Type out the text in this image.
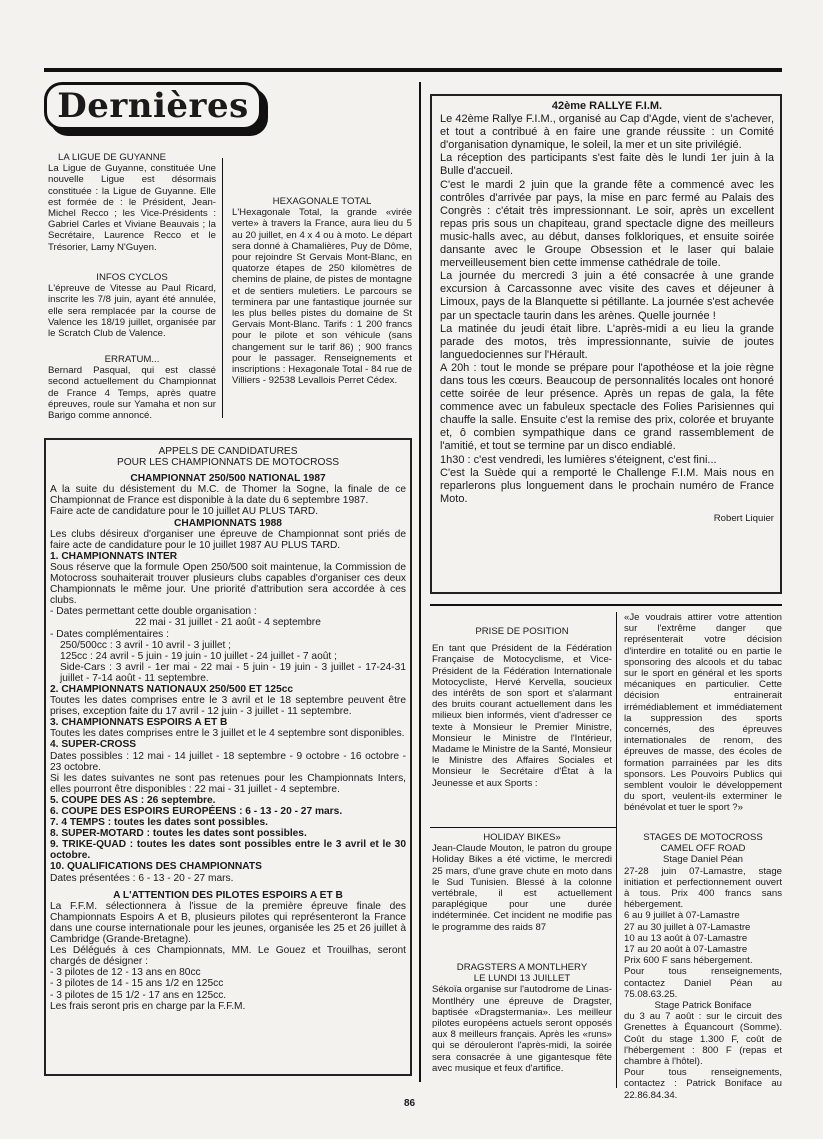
Dernières

LA LIGUE DE GUYANNE

La Ligue de Guyanne, constituée Une nouvelle Ligue est désormais constituée : la Ligue de Guyanne. Elle est formée de : le Président, Jean-Michel Recco ; les Vice-Présidents : Gabriel Carles et Viviane Beauvais ; la Secrétaire, Laurence Recco et le Trésorier, Lamy N'Guyen.

INFOS CYCLOS

L'épreuve de Vitesse au Paul Ricard, inscrite les 7/8 juin, ayant été annulée, elle sera remplacée par la course de Valence les 18/19 juillet, organisée par le Scratch Club de Valence.

ERRATUM...

Bernard Pasqual, qui est classé second actuellement du Championnat de France 4 Temps, après quatre épreuves, roule sur Yamaha et non sur Barigo comme annoncé.

HEXAGONALE TOTAL

L'Hexagonale Total, la grande «virée verte» à travers la France, aura lieu du 5 au 20 juillet, en 4 x 4 ou à moto. Le départ sera donné à Chamalières, Puy de Dôme, pour rejoindre St Gervais Mont-Blanc, en quatorze étapes de 250 kilomètres de chemins de plaine, de pistes de montagne et de sentiers muletiers. Le parcours se terminera par une fantastique journée sur les plus belles pistes du domaine de St Gervais Mont-Blanc. Tarifs : 1 200 francs pour le pilote et son véhicule (sans changement sur le tarif 86) ; 900 francs pour le passager. Renseignements et inscriptions : Hexagonale Total - 84 rue de Villiers - 92538 Levallois Perret Cédex.

APPELS DE CANDIDATURES

POUR LES CHAMPIONNATS DE MOTOCROSS

CHAMPIONNAT 250/500 NATIONAL 1987

A la suite du désistement du M.C. de Thomer la Sogne, la finale de ce Championnat de France est disponible à la date du 6 septembre 1987.

Faire acte de candidature pour le 10 juillet AU PLUS TARD.

CHAMPIONNATS 1988

Les clubs désireux d'organiser une épreuve de Championnat sont priés de faire acte de candidature pour le 10 juillet 1987 AU PLUS TARD.

1. CHAMPIONNATS INTER

Sous réserve que la formule Open 250/500 soit maintenue, la Commission de Motocross souhaiterait trouver plusieurs clubs capables d'organiser ces deux Championnats le même jour. Une priorité d'attribution sera accordée à ces clubs.

- Dates permettant cette double organisation :

22 mai - 31 juillet - 21 août - 4 septembre

- Dates complémentaires :

250/500cc : 3 avril - 10 avril - 3 juillet ;

125cc : 24 avril - 5 juin - 19 juin - 10 juillet - 24 juillet - 7 août ;

Side-Cars : 3 avril - 1er mai - 22 mai - 5 juin - 19 juin - 3 juillet - 17-24-31 juillet - 7-14 août - 11 septembre.

2. CHAMPIONNATS NATIONAUX 250/500 ET 125cc

Toutes les dates comprises entre le 3 avril et le 18 septembre peuvent être prises, exception faite du 17 avril - 12 juin - 3 juillet - 11 septembre.

3. CHAMPIONNATS ESPOIRS A ET B

Toutes les dates comprises entre le 3 juillet et le 4 septembre sont disponibles.

4. SUPER-CROSS

Dates possibles : 12 mai - 14 juillet - 18 septembre - 9 octobre - 16 octobre - 23 octobre.

Si les dates suivantes ne sont pas retenues pour les Championnats Inters, elles pourront être disponibles : 22 mai - 31 juillet - 4 septembre.

5. COUPE DES AS : 26 septembre.

6. COUPE DES ESPOIRS EUROPÉENS : 6 - 13 - 20 - 27 mars.

7. 4 TEMPS : toutes les dates sont possibles.

8. SUPER-MOTARD : toutes les dates sont possibles.

9. TRIKE-QUAD : toutes les dates sont possibles entre le 3 avril et le 30 octobre.

10. QUALIFICATIONS DES CHAMPIONNATS

Dates présentées : 6 - 13 - 20 - 27 mars.

A L'ATTENTION DES PILOTES ESPOIRS A ET B

La F.F.M. sélectionnera à l'issue de la première épreuve finale des Championnats Espoirs A et B, plusieurs pilotes qui représenteront la France dans une course internationale pour les jeunes, organisée les 25 et 26 juillet à Cambridge (Grande-Bretagne).

Les Délégués à ces Championnats, MM. Le Gouez et Trouilhas, seront chargés de désigner :

- 3 pilotes de 12 - 13 ans en 80cc

- 3 pilotes de 14 - 15 ans 1/2 en 125cc

- 3 pilotes de 15 1/2 - 17 ans en 125cc.

Les frais seront pris en charge par la F.F.M.

42ème RALLYE F.I.M.

Le 42ème Rallye F.I.M., organisé au Cap d'Agde, vient de s'achever, et tout a contribué à en faire une grande réussite : un Comité d'organisation dynamique, le soleil, la mer et un site privilégié.

La réception des participants s'est faite dès le lundi 1er juin à la Bulle d'accueil.

C'est le mardi 2 juin que la grande fête a commencé avec les contrôles d'arrivée par pays, la mise en parc fermé au Palais des Congrès : c'était très impressionnant. Le soir, après un excellent repas pris sous un chapiteau, grand spectacle digne des meilleurs music-halls avec, au début, danses folkloriques, et ensuite soirée dansante avec le Groupe Obsession et le laser qui balaie merveilleusement bien cette immense cathédrale de toile.

La journée du mercredi 3 juin a été consacrée à une grande excursion à Carcassonne avec visite des caves et déjeuner à Limoux, pays de la Blanquette si pétillante. La journée s'est achevée par un spectacle taurin dans les arènes. Quelle journée !

La matinée du jeudi était libre. L'après-midi a eu lieu la grande parade des motos, très impressionnante, suivie de joutes languedociennes sur l'Hérault.

A 20h : tout le monde se prépare pour l'apothéose et la joie règne dans tous les cœurs. Beaucoup de personnalités locales ont honoré cette soirée de leur présence. Après un repas de gala, la fête commence avec un fabuleux spectacle des Folies Parisiennes qui chauffe la salle. Ensuite c'est la remise des prix, colorée et bruyante et, ô combien sympathique dans ce grand rassemblement de l'amitié, et tout se termine par un disco endiablé.

1h30 : c'est vendredi, les lumières s'éteignent, c'est fini...

C'est la Suède qui a remporté le Challenge F.I.M. Mais nous en reparlerons plus longuement dans le prochain numéro de France Moto.

Robert Liquier

PRISE DE POSITION

En tant que Président de la Fédération Française de Motocyclisme, et Vice-Président de la Fédération Internationale Motocycliste, Hervé Kervella, soucieux des intérêts de son sport et s'alarmant des bruits courant actuellement dans les milieux bien informés, vient d'adresser ce texte à Monsieur le Premier Ministre, Monsieur le Ministre de l'Intérieur, Madame le Ministre de la Santé, Monsieur le Ministre des Affaires Sociales et Monsieur le Secrétaire d'État à la Jeunesse et aux Sports :

«Je voudrais attirer votre attention sur l'extrême danger que représenterait votre décision d'interdire en totalité ou en partie le sponsoring des alcools et du tabac sur le sport en général et les sports mécaniques en particulier. Cette décision entrainerait irrémédiablement et immédiatement la suppression des sports concernés, des épreuves internationales de renom, des épreuves de masse, des écoles de formation parrainées par les dits sponsors. Les Pouvoirs Publics qui semblent vouloir le développement du sport, veulent-ils exterminer le bénévolat et tuer le sport ?»

HOLIDAY BIKES»

Jean-Claude Mouton, le patron du groupe Holiday Bikes a été victime, le mercredi 25 mars, d'une grave chute en moto dans le Sud Tunisien. Blessé à la colonne vertébrale, il est actuellement paraplégique pour une durée indéterminée. Cet incident ne modifie pas le programme des raids 87

DRAGSTERS A MONTLHERY

LE LUNDI 13 JUILLET

Sékoïa organise sur l'autodrome de Linas-Montlhéry une épreuve de Dragster, baptisée «Dragstermania». Les meilleur pilotes européens actuels seront opposés aux 8 meilleurs français. Après les «runs» qui se dérouleront l'après-midi, la soirée sera consacrée à une gigantesque fête avec musique et feux d'artifice.

STAGES DE MOTOCROSS

CAMEL OFF ROAD

Stage Daniel Péan

27-28 juin 07-Lamastre, stage initiation et perfectionnement ouvert à tous. Prix 400 francs sans hébergement.

6 au 9 juillet à 07-Lamastre

27 au 30 juillet à 07-Lamastre

10 au 13 août à 07-Lamastre

17 au 20 août à 07-Lamastre

Prix 600 F sans hébergement.

Pour tous renseignements, contactez Daniel Péan au 75.08.63.25.

Stage Patrick Boniface

du 3 au 7 août : sur le circuit des Grenettes à Équancourt (Somme). Coût du stage 1.300 F, coût de l'hébergement : 800 F (repas et chambre à l'hôtel).

Pour tous renseignements, contactez : Patrick Boniface au 22.86.84.34.

86
